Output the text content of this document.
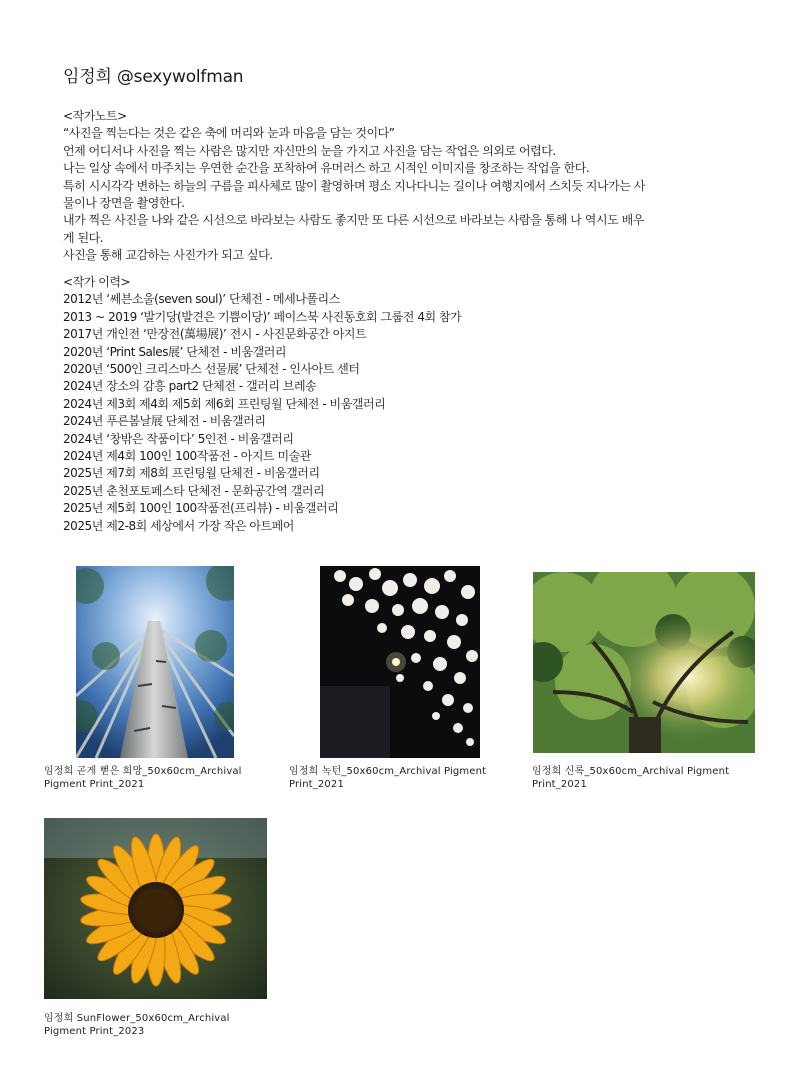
임정희 @sexywolfman

<작가노트>

“사진을 찍는다는 것은 같은 축에 머리와 눈과 마음을 담는 것이다”

언제 어디서나 사진을 찍는 사람은 많지만 자신만의 눈을 가지고 사진을 담는 작업은 의외로 어렵다.

나는 일상 속에서 마주치는 우연한 순간을 포착하여 유머러스 하고 시적인 이미지를 창조하는 작업을 한다.

특히 시시각각 변하는 하늘의 구름을 피사체로 많이 촬영하며 평소 지나다니는 길이나 여행지에서 스치듯 지나가는 사

물이나 장면을 촬영한다.

내가 찍은 사진을 나와 같은 시선으로 바라보는 사람도 좋지만 또 다른 시선으로 바라보는 사람을 통해 나 역시도 배우

게 된다.

사진을 통해 교감하는 사진가가 되고 싶다.

<작가 이력>

2012년 ‘쎄븐소울(seven soul)’ 단체전 - 메세나폴리스

2013 ~ 2019 ‘발기당(발견은 기쁨이당)’ 페이스북 사진동호회 그룹전 4회 참가

2017년 개인전 ‘만장전(萬場展)’ 전시 - 사진문화공간 아지트

2020년 ‘Print Sales展’ 단체전 - 비움갤러리

2020년 ‘500인 크리스마스 선물展’ 단체전 - 인사아트 센터

2024년 장소의 감흥 part2 단체전 - 갤러리 브레송

2024년 제3회 제4회 제5회 제6회 프린팅월 단체전 - 비움갤러리

2024년 푸른봄날展 단체전 - 비움갤러리

2024년 ‘창밖은 작품이다’ 5인전 - 비움갤러리

2024년 제4회 100인 100작품전 - 아지트 미술관

2025년 제7회 제8회 프린팅월 단체전 - 비움갤러리

2025년 춘천포토페스타 단체전 - 문화공간역 갤러리

2025년 제5회 100인 100작품전(프리뷰) - 비움갤러리

2025년 제2-8회 세상에서 가장 작은 아트페어

임정희 곧게 뻗은 희망_50x60cm_Archival
Pigment Print_2021
임정희 녹턴_50x60cm_Archival Pigment
Print_2021
임정희 신록_50x60cm_Archival Pigment
Print_2021
임정희 SunFlower_50x60cm_Archival
Pigment Print_2023
